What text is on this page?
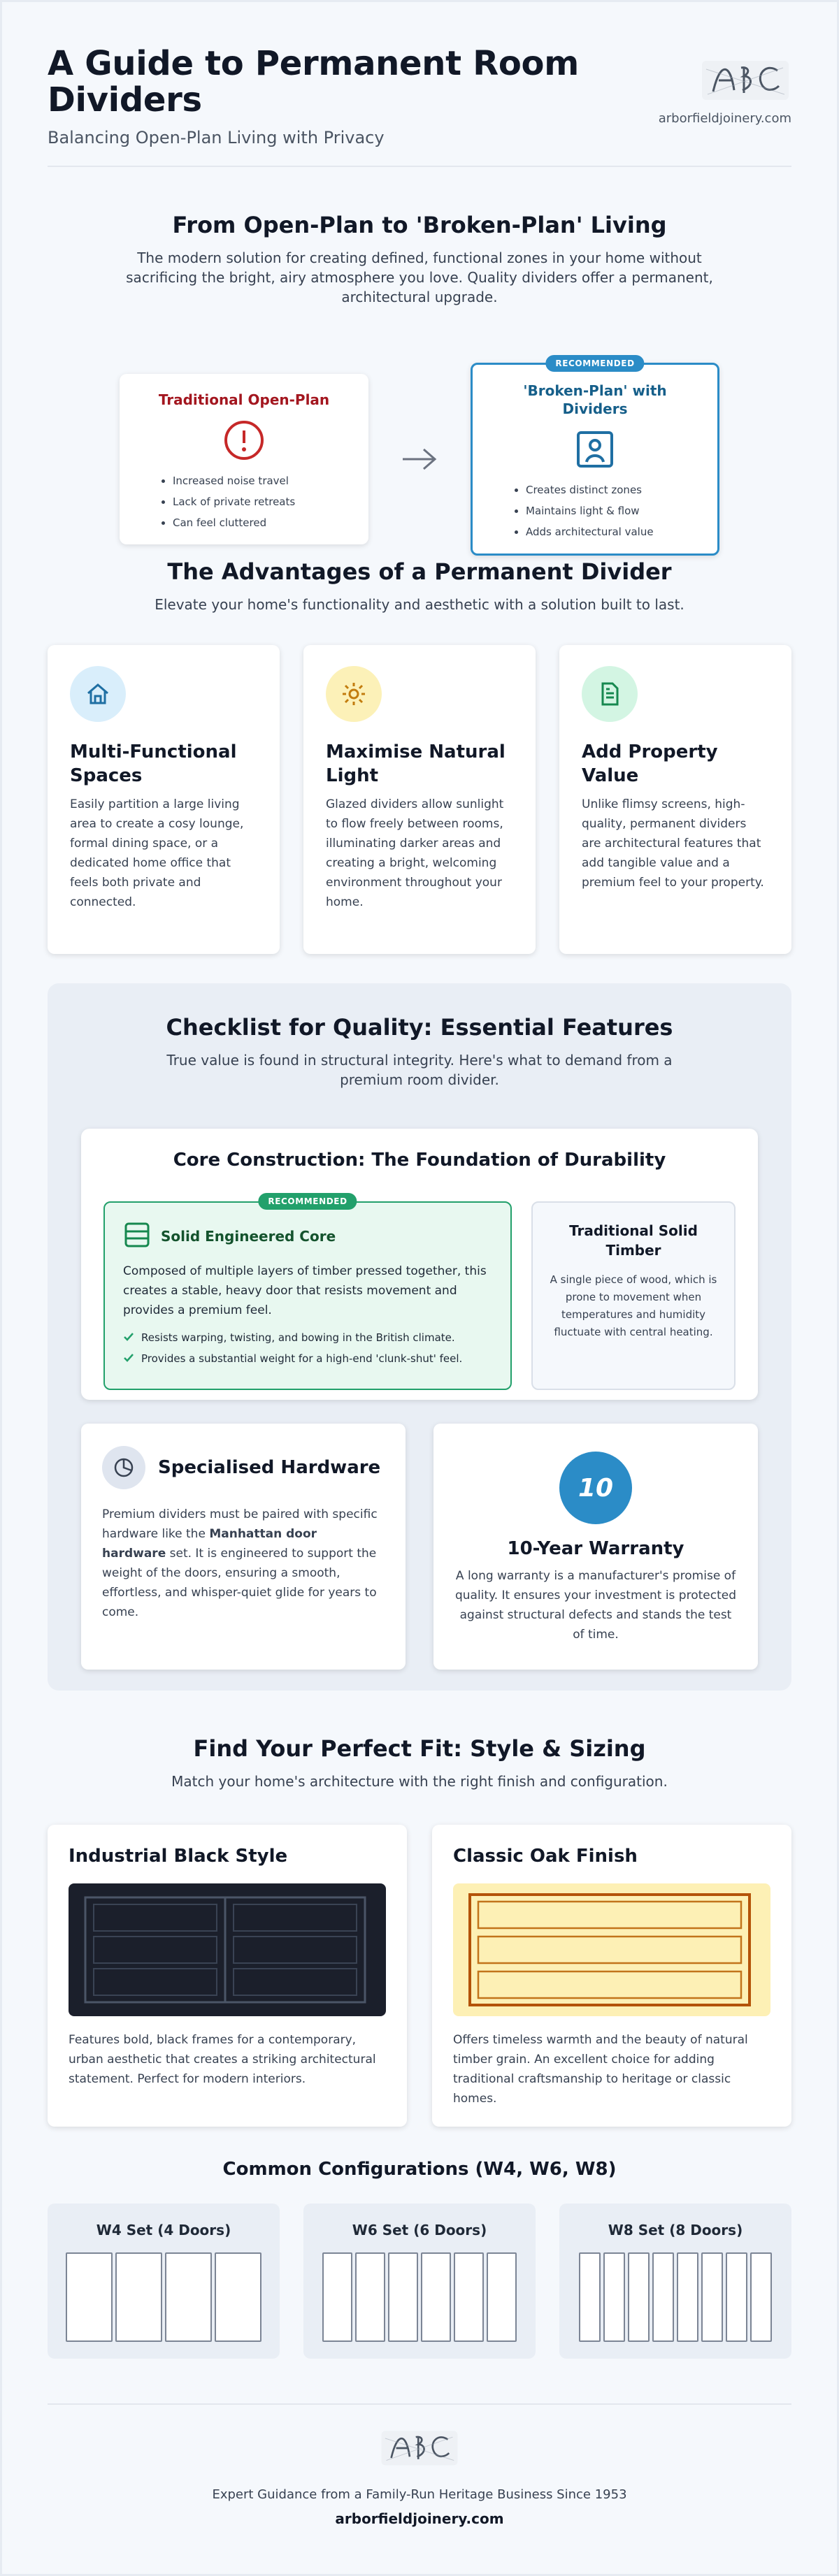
A Guide to Permanent Room Dividers
Balancing Open-Plan Living with Privacy
arborfieldjoinery.com
From Open-Plan to 'Broken-Plan' Living

The modern solution for creating defined, functional zones in your home without sacrificing the bright, airy atmosphere you love. Quality dividers offer a permanent, architectural upgrade.

Traditional Open-Plan
• Increased noise travel
• Lack of private retreats
• Can feel cluttered
RECOMMENDED
'Broken-Plan' with Dividers
• Creates distinct zones
• Maintains light & flow
• Adds architectural value
The Advantages of a Permanent Divider

Elevate your home's functionality and aesthetic with a solution built to last.

Multi-Functional Spaces

Easily partition a large living area to create a cosy lounge, formal dining space, or a dedicated home office that feels both private and connected.

Maximise Natural Light

Glazed dividers allow sunlight to flow freely between rooms, illuminating darker areas and creating a bright, welcoming environment throughout your home.

Add Property Value

Unlike flimsy screens, high-quality, permanent dividers are architectural features that add tangible value and a premium feel to your property.

Checklist for Quality: Essential Features

True value is found in structural integrity. Here's what to demand from a premium room divider.

Core Construction: The Foundation of Durability
RECOMMENDED
Solid Engineered Core

Composed of multiple layers of timber pressed together, this creates a stable, heavy door that resists movement and provides a premium feel.

Resists warping, twisting, and bowing in the British climate.
Provides a substantial weight for a high-end 'clunk-shut' feel.
Traditional Solid Timber

A single piece of wood, which is prone to movement when temperatures and humidity fluctuate with central heating.

Specialised Hardware

Premium dividers must be paired with specific hardware like the Manhattan door hardware set. It is engineered to support the weight of the doors, ensuring a smooth, effortless, and whisper-quiet glide for years to come.

10
10-Year Warranty

A long warranty is a manufacturer's promise of quality. It ensures your investment is protected against structural defects and stands the test of time.

Find Your Perfect Fit: Style & Sizing

Match your home's architecture with the right finish and configuration.

Industrial Black Style

Features bold, black frames for a contemporary, urban aesthetic that creates a striking architectural statement. Perfect for modern interiors.

Classic Oak Finish

Offers timeless warmth and the beauty of natural timber grain. An excellent choice for adding traditional craftsmanship to heritage or classic homes.

Common Configurations (W4, W6, W8)
W4 Set (4 Doors)	W6 Set (6 Doors)	W8 Set (8 Doors)

Expert Guidance from a Family-Run Heritage Business Since 1953

arborfieldjoinery.com
